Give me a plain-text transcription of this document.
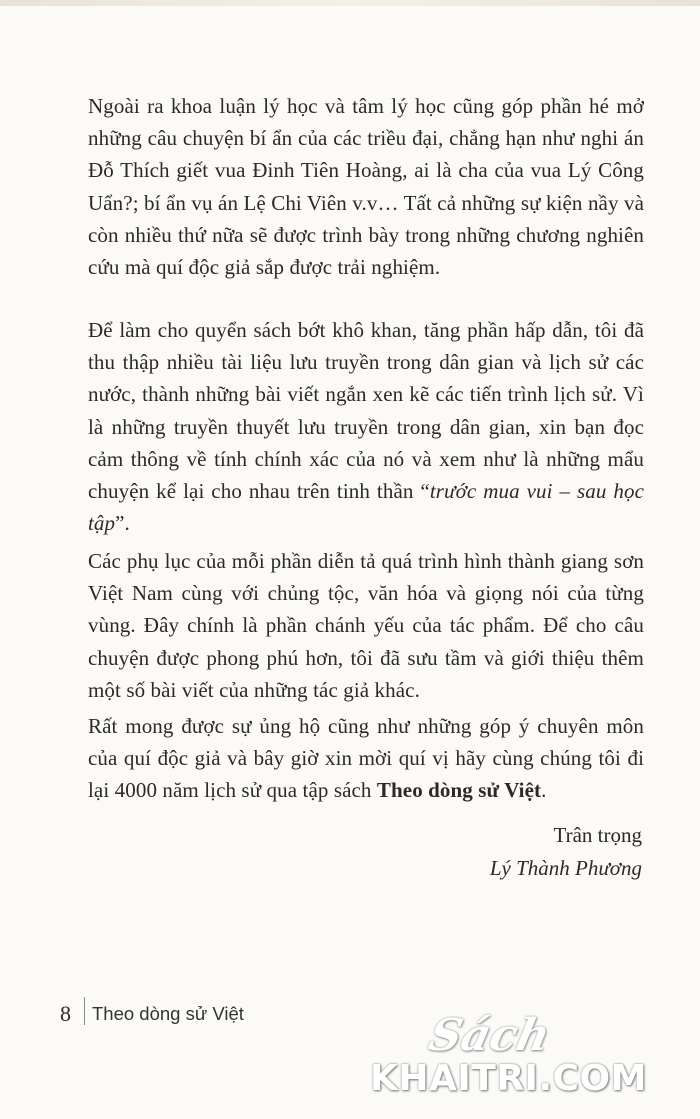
Ngoài ra khoa luận lý học và tâm lý học cũng góp phần hé mở những câu chuyện bí ẩn của các triều đại, chẳng hạn như nghi án Đỗ Thích giết vua Đinh Tiên Hoàng, ai là cha của vua Lý Công Uẩn?; bí ẩn vụ án Lệ Chi Viên v.v… Tất cả những sự kiện nầy và còn nhiều thứ nữa sẽ được trình bày trong những chương nghiên cứu mà quí độc giả sắp được trải nghiệm.

Để làm cho quyển sách bớt khô khan, tăng phần hấp dẫn, tôi đã thu thập nhiều tài liệu lưu truyền trong dân gian và lịch sử các nước, thành những bài viết ngắn xen kẽ các tiến trình lịch sử. Vì là những truyền thuyết lưu truyền trong dân gian, xin bạn đọc cảm thông về tính chính xác của nó và xem như là những mẩu chuyện kể lại cho nhau trên tinh thần “trước mua vui – sau học tập”.

Các phụ lục của mỗi phần diễn tả quá trình hình thành giang sơn Việt Nam cùng với chủng tộc, văn hóa và giọng nói của từng vùng. Đây chính là phần chánh yếu của tác phẩm. Để cho câu chuyện được phong phú hơn, tôi đã sưu tầm và giới thiệu thêm một số bài viết của những tác giả khác.

Rất mong được sự ủng hộ cũng như những góp ý chuyên môn của quí độc giả và bây giờ xin mời quí vị hãy cùng chúng tôi đi lại 4000 năm lịch sử qua tập sách Theo dòng sử Việt.

Trân trọng
Lý Thành Phương
8 Theo dòng sử Việt	Sách
KHAITRI.COM
